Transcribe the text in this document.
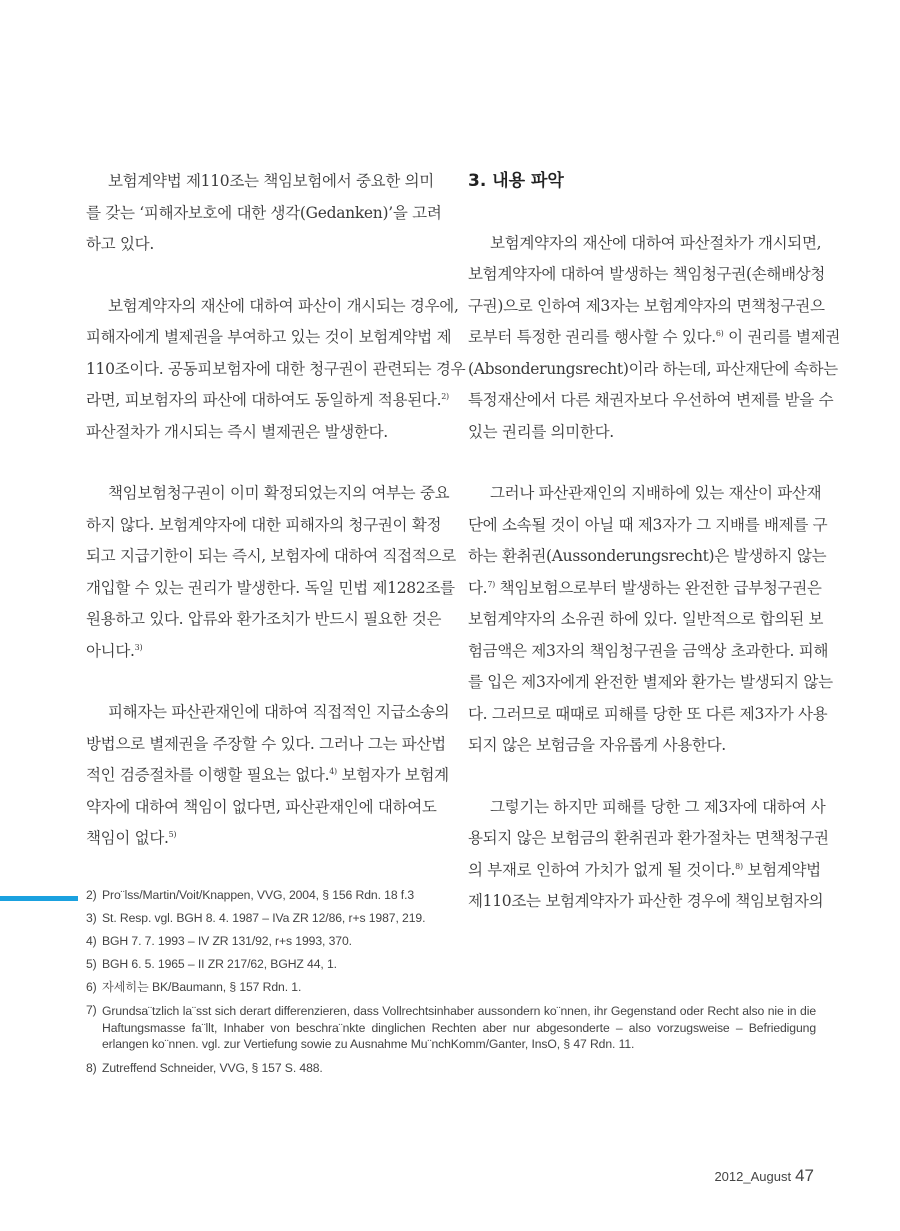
보험계약법 제110조는 책임보험에서 중요한 의미
를 갖는 ‘피해자보호에 대한 생각(Gedanken)’을 고려
하고 있다.

보험계약자의 재산에 대하여 파산이 개시되는 경우에,
피해자에게 별제권을 부여하고 있는 것이 보험계약법 제
110조이다. 공동피보험자에 대한 청구권이 관련되는 경우
라면, 피보험자의 파산에 대하여도 동일하게 적용된다.$^{2)}$
파산절차가 개시되는 즉시 별제권은 발생한다.

책임보험청구권이 이미 확정되었는지의 여부는 중요
하지 않다. 보험계약자에 대한 피해자의 청구권이 확정
되고 지급기한이 되는 즉시, 보험자에 대하여 직접적으로
개입할 수 있는 권리가 발생한다. 독일 민법 제1282조를
원용하고 있다. 압류와 환가조치가 반드시 필요한 것은
아니다.$^{3)}$

피해자는 파산관재인에 대하여 직접적인 지급소송의
방법으로 별제권을 주장할 수 있다. 그러나 그는 파산법
적인 검증절차를 이행할 필요는 없다.$^{4)}$ 보험자가 보험계
약자에 대하여 책임이 없다면, 파산관재인에 대하여도
책임이 없다.$^{5)}$

3. 내용 파악

보험계약자의 재산에 대하여 파산절차가 개시되면,
보험계약자에 대하여 발생하는 책임청구권(손해배상청
구권)으로 인하여 제3자는 보험계약자의 면책청구권으
로부터 특정한 권리를 행사할 수 있다.$^{6)}$ 이 권리를 별제권
(Absonderungsrecht)이라 하는데, 파산재단에 속하는
특정재산에서 다른 채권자보다 우선하여 변제를 받을 수
있는 권리를 의미한다.

그러나 파산관재인의 지배하에 있는 재산이 파산재
단에 소속될 것이 아닐 때 제3자가 그 지배를 배제를 구
하는 환취권(Aussonderungsrecht)은 발생하지 않는
다.$^{7)}$ 책임보험으로부터 발생하는 완전한 급부청구권은
보험계약자의 소유권 하에 있다. 일반적으로 합의된 보
험금액은 제3자의 책임청구권을 금액상 초과한다. 피해
를 입은 제3자에게 완전한 별제와 환가는 발생되지 않는
다. 그러므로 때때로 피해를 당한 또 다른 제3자가 사용
되지 않은 보험금을 자유롭게 사용한다.

그렇기는 하지만 피해를 당한 그 제3자에 대하여 사
용되지 않은 보험금의 환취권과 환가절차는 면책청구권
의 부재로 인하여 가치가 없게 될 것이다.$^{8)}$ 보험계약법
제110조는 보험계약자가 파산한 경우에 책임보험자의

2) Pro¨lss/Martin/Voit/Knappen, VVG, 2004, § 156 Rdn. 18 f.3
3) St. Resp. vgl. BGH 8. 4. 1987 – IVa ZR 12/86, r+s 1987, 219.
4) BGH 7. 7. 1993 – IV ZR 131/92, r+s 1993, 370.
5) BGH 6. 5. 1965 – II ZR 217/62, BGHZ 44, 1.
6) 자세히는 BK/Baumann, § 157 Rdn. 1.
7) Grundsa¨tzlich la¨sst sich derart differenzieren, dass Vollrechtsinhaber aussondern ko¨nnen, ihr Gegenstand oder Recht also nie in die Haftungsmasse fa¨llt, Inhaber von beschra¨nkte dinglichen Rechten aber nur abgesonderte – also vorzugsweise – Befriedigung erlangen ko¨nnen. vgl. zur Vertiefung sowie zu Ausnahme Mu¨nchKomm/Ganter, InsO, § 47 Rdn. 11.
8) Zutreffend Schneider, VVG, § 157 S. 488.
2012_August 47
